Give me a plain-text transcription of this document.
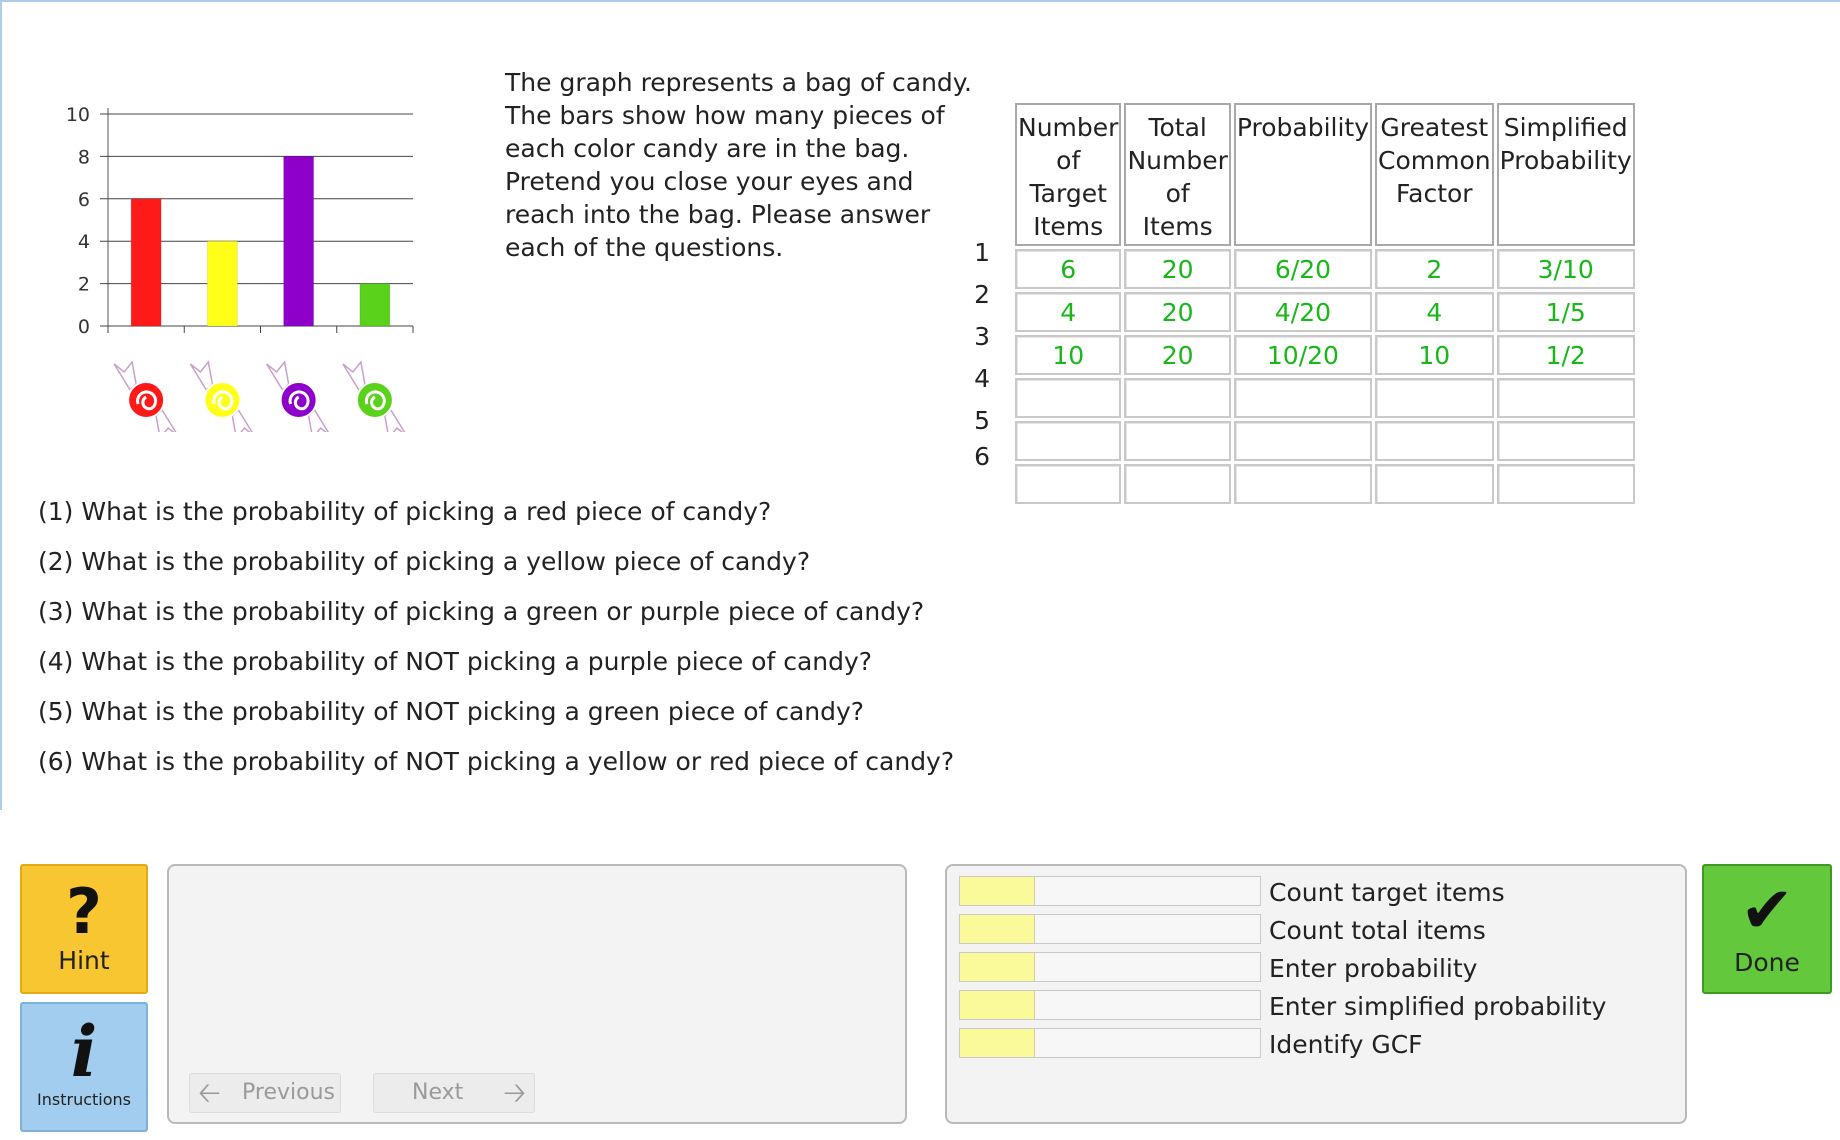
0
2
4
6
8
10
The graph represents a bag of candy. The bars show how many pieces of each color candy are in the bag. Pretend you close your eyes and reach into the bag. Please answer each of the questions.	1
2
3
4
5
6
Number of Target Items	Total Number of Items	Probability	Greatest Common Factor	Simplified Probability
6	20	6/20	2	3/10
4	20	4/20	4	1/5
10	20	10/20	10	1/2

(1) What is the probability of picking a red piece of candy?
(2) What is the probability of picking a yellow piece of candy?
(3) What is the probability of picking a green or purple piece of candy?
(4) What is the probability of NOT picking a purple piece of candy?
(5) What is the probability of NOT picking a green piece of candy?
(6) What is the probability of NOT picking a yellow or red piece of candy?
?
Hint
i
Instructions	🡠 Previous	Next 🡢
Count target items
Count total items
Enter probability
Enter simplified probability
Identify GCF
✔
Done
